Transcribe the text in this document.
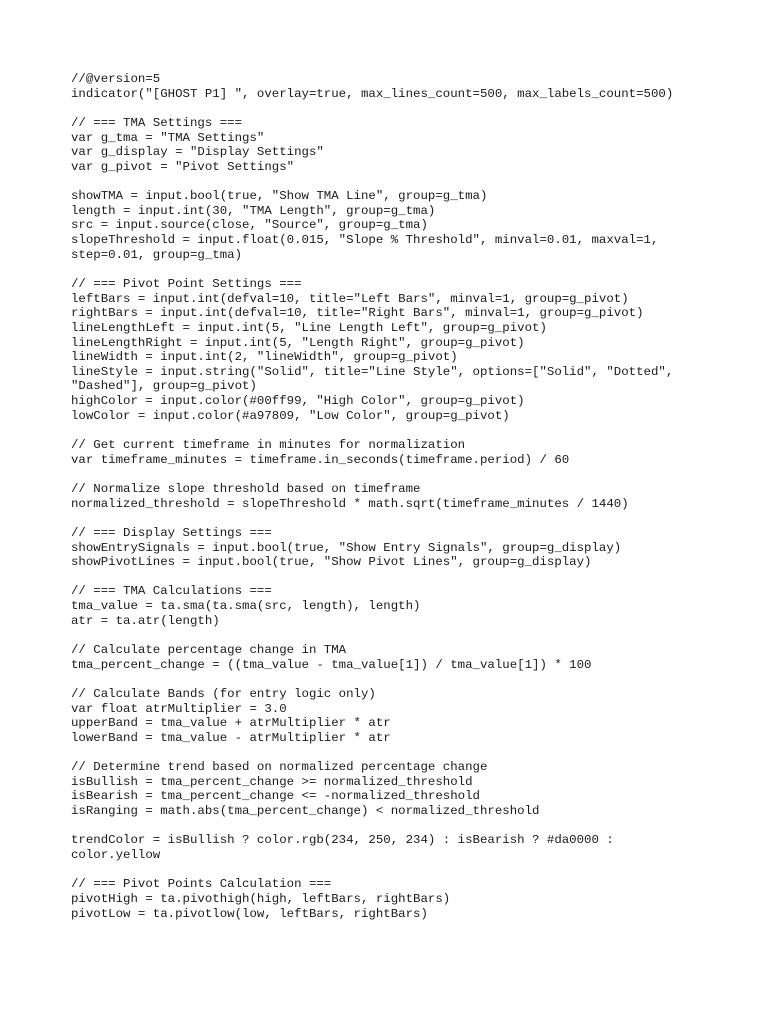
//@version=5
indicator("[GHOST P1] ", overlay=true, max_lines_count=500, max_labels_count=500)
// === TMA Settings ===
var g_tma = "TMA Settings"
var g_display = "Display Settings"
var g_pivot = "Pivot Settings"
showTMA = input.bool(true, "Show TMA Line", group=g_tma)
length = input.int(30, "TMA Length", group=g_tma)
src = input.source(close, "Source", group=g_tma)
slopeThreshold = input.float(0.015, "Slope % Threshold", minval=0.01, maxval=1,
step=0.01, group=g_tma)
// === Pivot Point Settings ===
leftBars = input.int(defval=10, title="Left Bars", minval=1, group=g_pivot)
rightBars = input.int(defval=10, title="Right Bars", minval=1, group=g_pivot)
lineLengthLeft = input.int(5, "Line Length Left", group=g_pivot)
lineLengthRight = input.int(5, "Length Right", group=g_pivot)
lineWidth = input.int(2, "lineWidth", group=g_pivot)
lineStyle = input.string("Solid", title="Line Style", options=["Solid", "Dotted",
"Dashed"], group=g_pivot)
highColor = input.color(#00ff99, "High Color", group=g_pivot)
lowColor = input.color(#a97809, "Low Color", group=g_pivot)
// Get current timeframe in minutes for normalization
var timeframe_minutes = timeframe.in_seconds(timeframe.period) / 60
// Normalize slope threshold based on timeframe
normalized_threshold = slopeThreshold * math.sqrt(timeframe_minutes / 1440)
// === Display Settings ===
showEntrySignals = input.bool(true, "Show Entry Signals", group=g_display)
showPivotLines = input.bool(true, "Show Pivot Lines", group=g_display)
// === TMA Calculations ===
tma_value = ta.sma(ta.sma(src, length), length)
atr = ta.atr(length)
// Calculate percentage change in TMA
tma_percent_change = ((tma_value - tma_value[1]) / tma_value[1]) * 100
// Calculate Bands (for entry logic only)
var float atrMultiplier = 3.0
upperBand = tma_value + atrMultiplier * atr
lowerBand = tma_value - atrMultiplier * atr
// Determine trend based on normalized percentage change
isBullish = tma_percent_change >= normalized_threshold
isBearish = tma_percent_change <= -normalized_threshold
isRanging = math.abs(tma_percent_change) < normalized_threshold
trendColor = isBullish ? color.rgb(234, 250, 234) : isBearish ? #da0000 :
color.yellow
// === Pivot Points Calculation ===
pivotHigh = ta.pivothigh(high, leftBars, rightBars)
pivotLow = ta.pivotlow(low, leftBars, rightBars)
